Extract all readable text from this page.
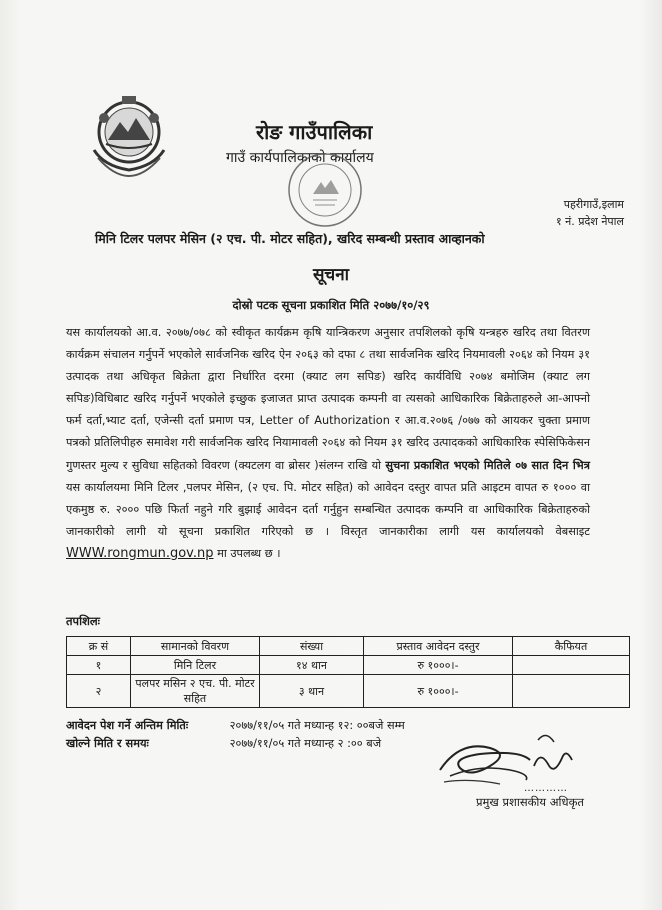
रोङ गाउँपालिका
गाउँ कार्यपालिकाको कार्यालय
पहरीगाउँ,इलाम
१ नं. प्रदेश नेपाल
मिनि टिलर पलपर मेसिन (२ एच. पी. मोटर सहित), खरिद सम्बन्धी प्रस्ताव आव्हानको
सूचना
दोस्रो पटक सूचना प्रकाशित मिति २०७७/१०/२९
यस कार्यालयको आ.व. २०७७/०७८ को स्वीकृत कार्यक्रम कृषि यान्त्रिकरण अनुसार तपशिलको कृषि यन्त्रहरु खरिद तथा वितरण कार्यक्रम संचालन गर्नुपर्ने भएकोले सार्वजनिक खरिद ऐन २०६३ को दफा ८ तथा सार्वजनिक खरिद नियमावली २०६४ को नियम ३१ उत्पादक तथा अधिकृत बिक्रेता द्वारा निर्धारित दरमा (क्याट लग सपिङ) खरिद कार्यविधि २०७४ बमोजिम (क्याट लग सपिङ)विधिबाट खरिद गर्नुपर्ने भएकोले इच्छुक इजाजत प्राप्त उत्पादक कम्पनी वा त्यसको आधिकारिक बिक्रेताहरुले आ-आफ्नो फर्म दर्ता,भ्याट दर्ता, एजेन्सी दर्ता प्रमाण पत्र, Letter of Authorization र आ.व.२०७६ /०७७ को आयकर चुक्ता प्रमाण पत्रको प्रतिलिपीहरु समावेश गरी सार्वजनिक खरिद नियामावली २०६४ को नियम ३१ खरिद उत्पादकको आधिकारिक स्पेसिफिकेसन गुणस्तर मुल्य र सुविधा सहितको विवरण (क्यटलग वा ब्रोसर )संलग्न राखि यो सुचना प्रकाशित भएको मितिले ०७ सात दिन भित्र यस कार्यालयमा मिनि टिलर ,पलपर मेसिन, (२ एच. पि. मोटर सहित) को आवेदन दस्तुर वापत प्रति आइटम वापत रु १००० वा एकमुष्ठ रु. २००० पछि फिर्ता नहुने गरि बुझाई आवेदन दर्ता गर्नुहुन सम्बन्धित उत्पादक कम्पनि वा आधिकारिक बिक्रेताहरुको जानकारीको लागी यो सूचना प्रकाशित गरिएको छ । विस्तृत जानकारीका लागी यस कार्यालयको वेबसाइट WWW.rongmun.gov.np मा उपलब्ध छ ।
तपशिलः
क्र सं	सामानको विवरण	संख्या	प्रस्ताव आवेदन दस्तुर	कैफियत
१	मिनि टिलर	१४ थान	रु १०००।-	
२	पलपर मसिन २ एच. पी. मोटर सहित	३ थान	रु १०००।-	
आवेदन पेश गर्ने अन्तिम मितिः	२०७७/११/०५ गते मध्यान्ह १२: ००बजे सम्म
खोल्ने मिति र समयः	२०७७/११/०५ गते मध्यान्ह २ :०० बजे
…………
प्रमुख प्रशासकीय अधिकृत
